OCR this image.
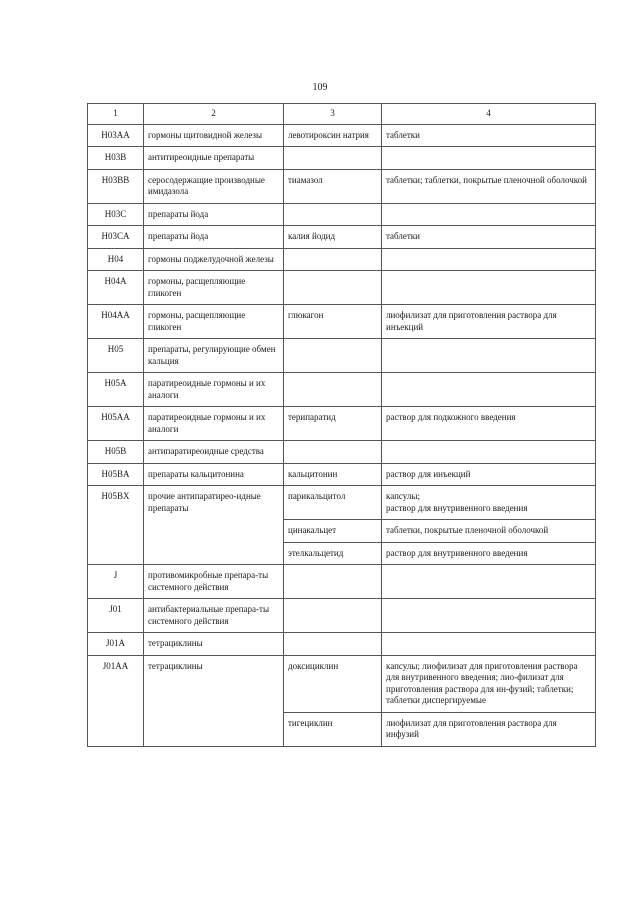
109
1	2	3	4
H03AA	гормоны щитовидной железы	левотироксин натрия	таблетки
H03B	антитиреоидные препараты		
H03BB	серосодержащие производные имидазола	тиамазол	таблетки; таблетки, покрытые пленочной оболочкой
H03C	препараты йода		
H03CA	препараты йода	калия йодид	таблетки
H04	гормоны поджелудочной железы		
H04A	гормоны, расщепляющие гликоген		
H04AA	гормоны, расщепляющие гликоген	глюкагон	лиофилизат для приготовления раствора для инъекций
H05	препараты, регулирующие обмен кальция		
H05A	паратиреоидные гормоны и их аналоги		
H05AA	паратиреоидные гормоны и их аналоги	терипаратид	раствор для подкожного введения
H05B	антипаратиреоидные средства		
H05BA	препараты кальцитонина	кальцитонин	раствор для инъекций
H05BX	прочие антипаратирео-идные препараты	парикальцитол	капсулы;
раствор для внутривенного введения
		цинакальцет	таблетки, покрытые пленочной оболочкой
		этелкальцетид	раствор для внутривенного введения
J	противомикробные препара-ты системного действия		
J01	антибактериальные препара-ты системного действия		
J01A	тетрациклины		
J01AA	тетрациклины	доксициклин	капсулы; лиофилизат для приготовления раствора для внутривенного введения; лио-филизат для приготовления раствора для ин-фузий; таблетки; таблетки диспергируемые
		тигециклин	лиофилизат для приготовления раствора для инфузий
